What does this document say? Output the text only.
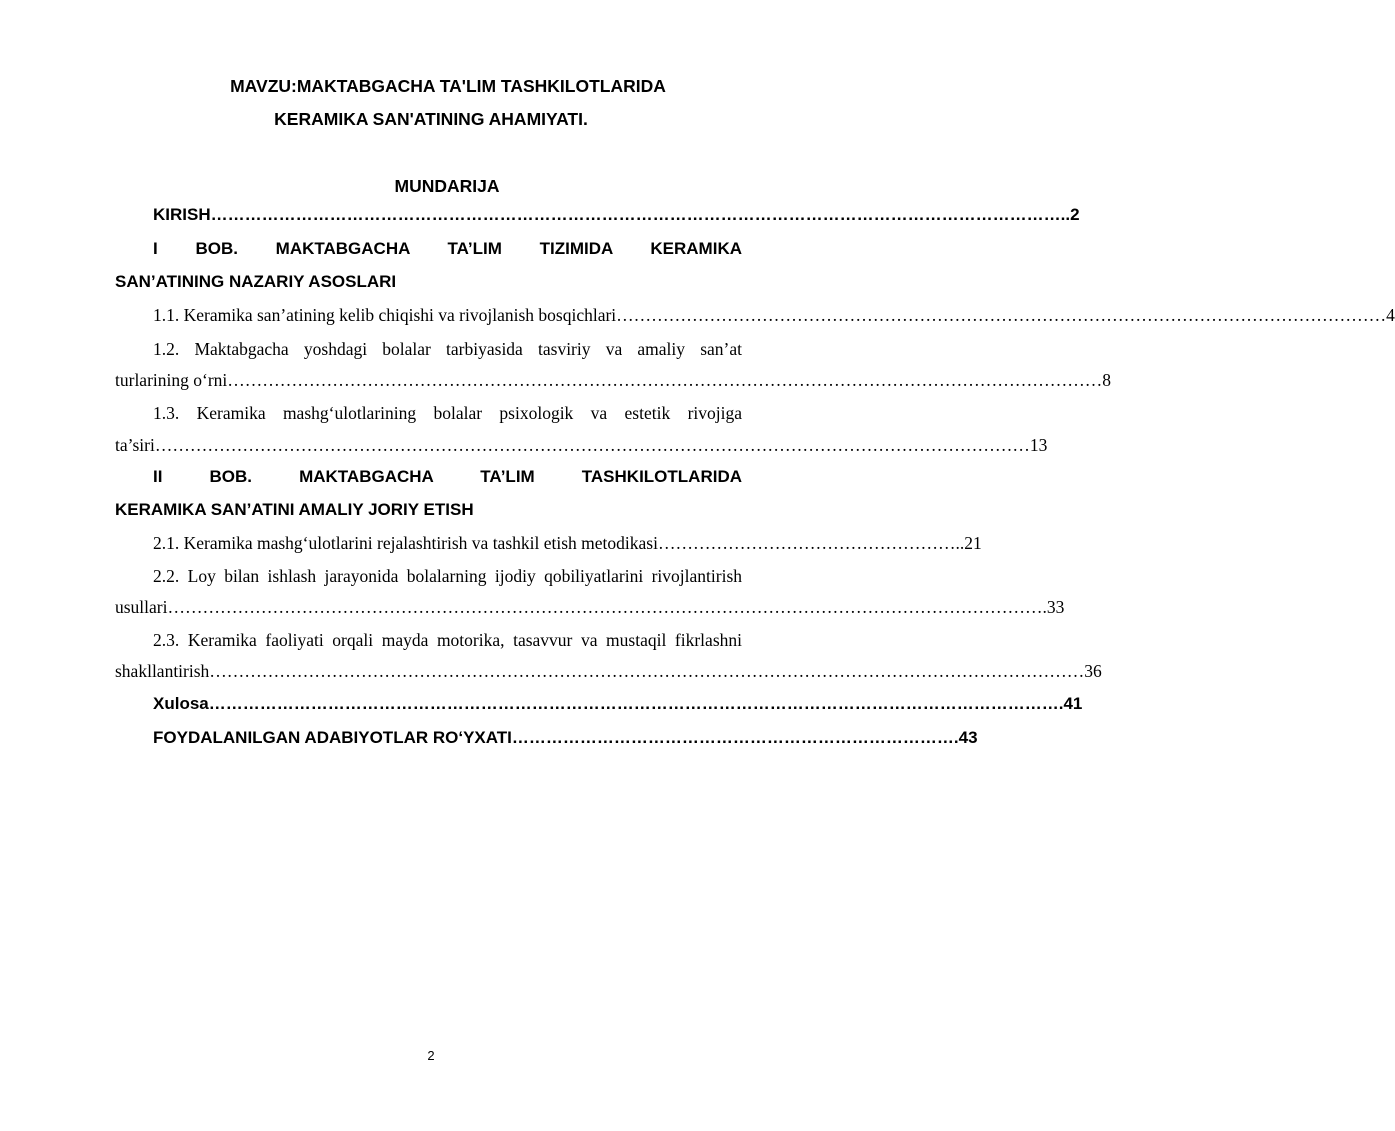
MAVZU:MAKTABGACHA TA'LIM TASHKILOTLARIDA
KERAMIKA SAN'ATINING AHAMIYATI.
MUNDARIJA
KIRISH …………………………………………………………………………………………………………………………………… ..2
I BOB. MAKTABGACHA TA’LIM TIZIMIDA KERAMIKA
SAN’ATINING NAZARIY ASOSLARI
1.1. Keramika san’atining kelib chiqishi va rivojlanish bosqichlari …………………………………………………………………………………………………………………… 4
1.2. Maktabgacha yoshdagi bolalar tarbiyasida tasviriy va amaliy san’at
turlarining o‘rni …………………………………………………………………………………………………………………………………… 8
1.3. Keramika mashg‘ulotlarining bolalar psixologik va estetik rivojiga
ta’siri …………………………………………………………………………………………………………………………………… 13
II BOB. MAKTABGACHA TA’LIM TASHKILOTLARIDA
KERAMIKA SAN’ATINI AMALIY JORIY ETISH
2.1. Keramika mashg‘ulotlarini rejalashtirish va tashkil etish metodikasi …………………………………………… ..21
2.2. Loy bilan ishlash jarayonida bolalarning ijodiy qobiliyatlarini rivojlantirish
usullari …………………………………………………………………………………………………………………………………… .33
2.3. Keramika faoliyati orqali mayda motorika, tasavvur va mustaqil fikrlashni
shakllantirish …………………………………………………………………………………………………………………………………… 36
Xulosa …………………………………………………………………………………………………………………………………… .41
FOYDALANILGAN ADABIYOTLAR RO‘YXATI …………………………………………………………………… .43
2
